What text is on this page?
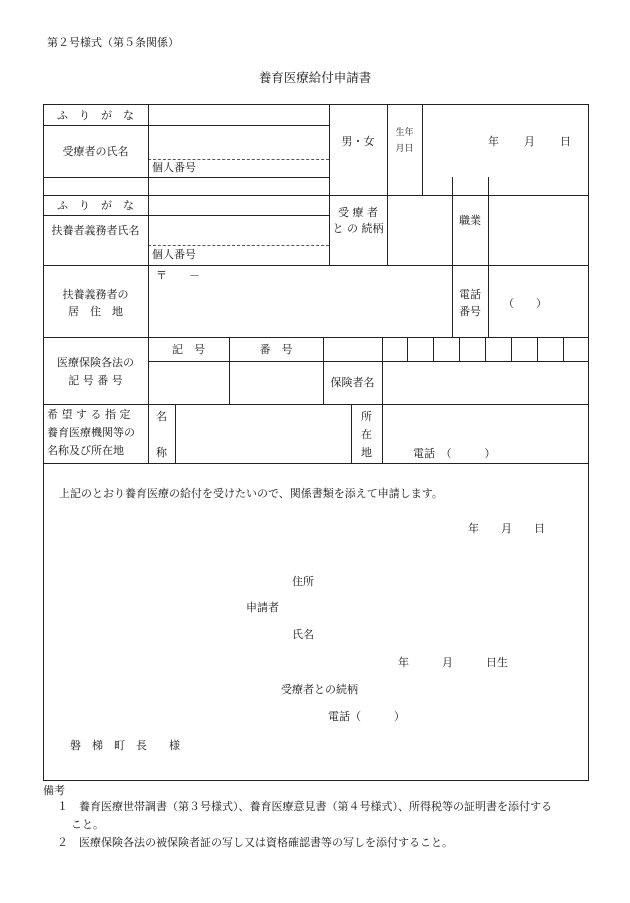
第２号様式（第５条関係）
養育医療給付申請書
ふ　り　が　な
受療者の氏名
個人番号
男・女
生年
月日
年 月 日
ふ　り　が　な
扶養者義務者氏名
個人番号
受 療 者
と の 続柄
職業
扶養義務者の
居　住　地
〒　　－
電話
番号
（　　）
医療保険各法の
記 号 番 号
記　号	番　号
保険者名
希 望 す る 指 定
養育医療機関等の
名称及び所在地
名
称
所
在
地	電話　（　　　）
上記のとおり養育医療の給付を受けたいので、関係書類を添えて申請します。
年　　月　　日
住所
申請者
氏名
年　　　月　　　日生
受療者との続柄
電話（　　　）
磐　梯　町　長　　様
備考
１　養育医療世帯調書（第３号様式）、養育医療意見書（第４号様式）、所得税等の証明書を添付する
こと。
２　医療保険各法の被保険者証の写し又は資格確認書等の写しを添付すること。
